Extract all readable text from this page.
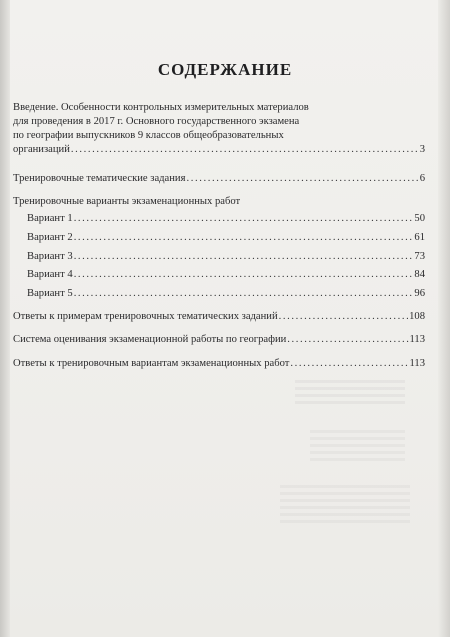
СОДЕРЖАНИЕ
Введение. Особенности контрольных измерительных материалов
для проведения в 2017 г. Основного государственного экзамена
по географии выпускников 9 классов общеобразовательных
организаций .....	3
Тренировочные тематические задания .....	6
Тренировочные варианты экзаменационных работ
Вариант 1 .....	50
Вариант 2 .....	61
Вариант 3 .....	73
Вариант 4 .....	84
Вариант 5 .....	96
Ответы к примерам тренировочных тематических заданий .....	108
Система оценивания экзаменационной работы по географии .....	113
Ответы к тренировочным вариантам экзаменационных работ .....	113
